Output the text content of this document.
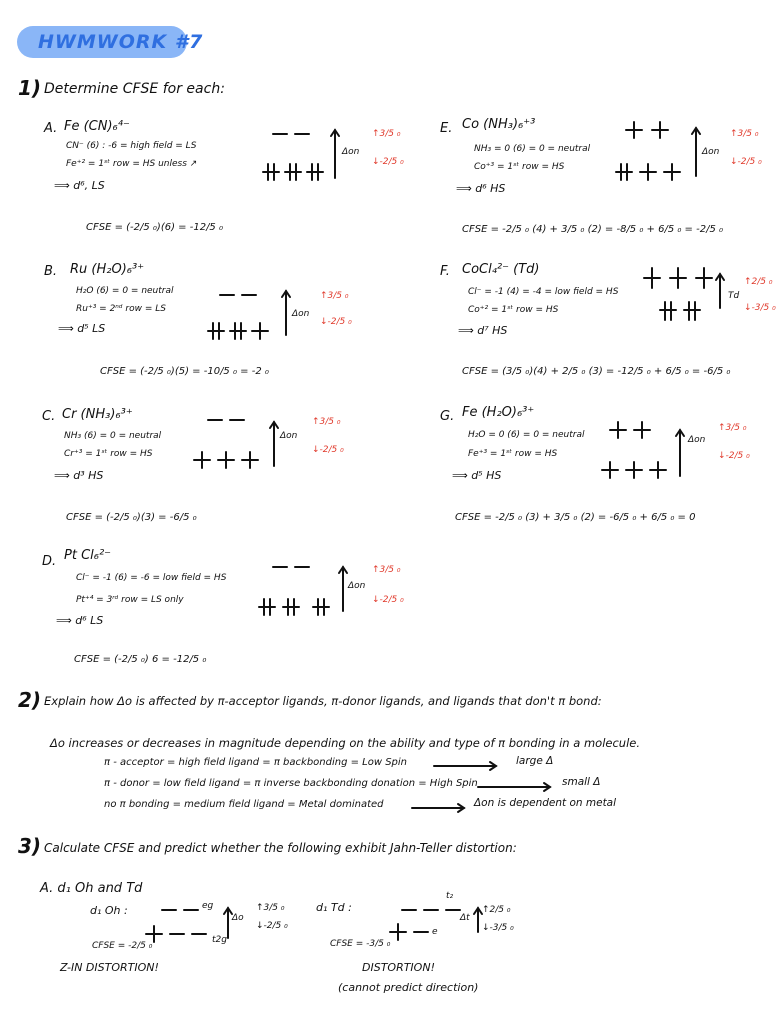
HWMWORK #7
1) Determine CFSE for each:
A. Fe (CN)₆⁴⁻
CN⁻ (6) : -6 = high field = LS
Fe⁺² = 1ˢᵗ row = HS unless ↗
⟹ d⁶, LS
CFSE = (-2/5 ₀)(6) = -12/5 ₀
Δon
↑3/5 ₀
↓-2/5 ₀
B. Ru (H₂O)₆³⁺
H₂O (6) = 0 = neutral
Ru⁺³ = 2ⁿᵈ row = LS
⟹ d⁵ LS
CFSE = (-2/5 ₀)(5) = -10/5 ₀ = -2 ₀
Δon
↑3/5 ₀
↓-2/5 ₀
C. Cr (NH₃)₆³⁺
NH₃ (6) = 0 = neutral
Cr⁺³ = 1ˢᵗ row = HS
⟹ d³ HS
CFSE = (-2/5 ₀)(3) = -6/5 ₀
Δon
↑3/5 ₀
↓-2/5 ₀
D. Pt Cl₆²⁻
Cl⁻ = -1 (6) = -6 = low field = HS
Pt⁺⁴ = 3ʳᵈ row = LS only
⟹ d⁶ LS
CFSE = (-2/5 ₀) 6 = -12/5 ₀
Δon
↑3/5 ₀
↓-2/5 ₀
E. Co (NH₃)₆⁺³
NH₃ = 0 (6) = 0 = neutral
Co⁺³ = 1ˢᵗ row = HS
⟹ d⁶ HS
CFSE = -2/5 ₀ (4) + 3/5 ₀ (2) = -8/5 ₀ + 6/5 ₀ = -2/5 ₀
Δon
↑3/5 ₀
↓-2/5 ₀
F. CoCl₄²⁻ (Td)
Cl⁻ = -1 (4) = -4 = low field = HS
Co⁺² = 1ˢᵗ row = HS
⟹ d⁷ HS
CFSE = (3/5 ₀)(4) + 2/5 ₀ (3) = -12/5 ₀ + 6/5 ₀ = -6/5 ₀
Td
↑2/5 ₀
↓-3/5 ₀
G. Fe (H₂O)₆³⁺
H₂O = 0 (6) = 0 = neutral
Fe⁺³ = 1ˢᵗ row = HS
⟹ d⁵ HS
CFSE = -2/5 ₀ (3) + 3/5 ₀ (2) = -6/5 ₀ + 6/5 ₀ = 0
Δon
↑3/5 ₀
↓-2/5 ₀
2) Explain how Δo is affected by π-acceptor ligands, π-donor ligands, and ligands that don't π bond:
Δo increases or decreases in magnitude depending on the ability and type of π bonding in a molecule.
π - acceptor = high field ligand = π backbonding = Low Spin	large Δ
π - donor = low field ligand = π inverse backbonding donation = High Spin	small Δ
no π bonding = medium field ligand = Metal dominated	Δon is dependent on metal
3) Calculate CFSE and predict whether the following exhibit Jahn-Teller distortion:
A. d₁ Oh and Td
d₁ Oh :	eg
t2g
Δo
↑3/5 ₀
↓-2/5 ₀
CFSE = -2/5 ₀
Z-IN DISTORTION!
d₁ Td :
t₂
e
Δt
↑2/5 ₀
↓-3/5 ₀
CFSE = -3/5 ₀
DISTORTION!
(cannot predict direction)
